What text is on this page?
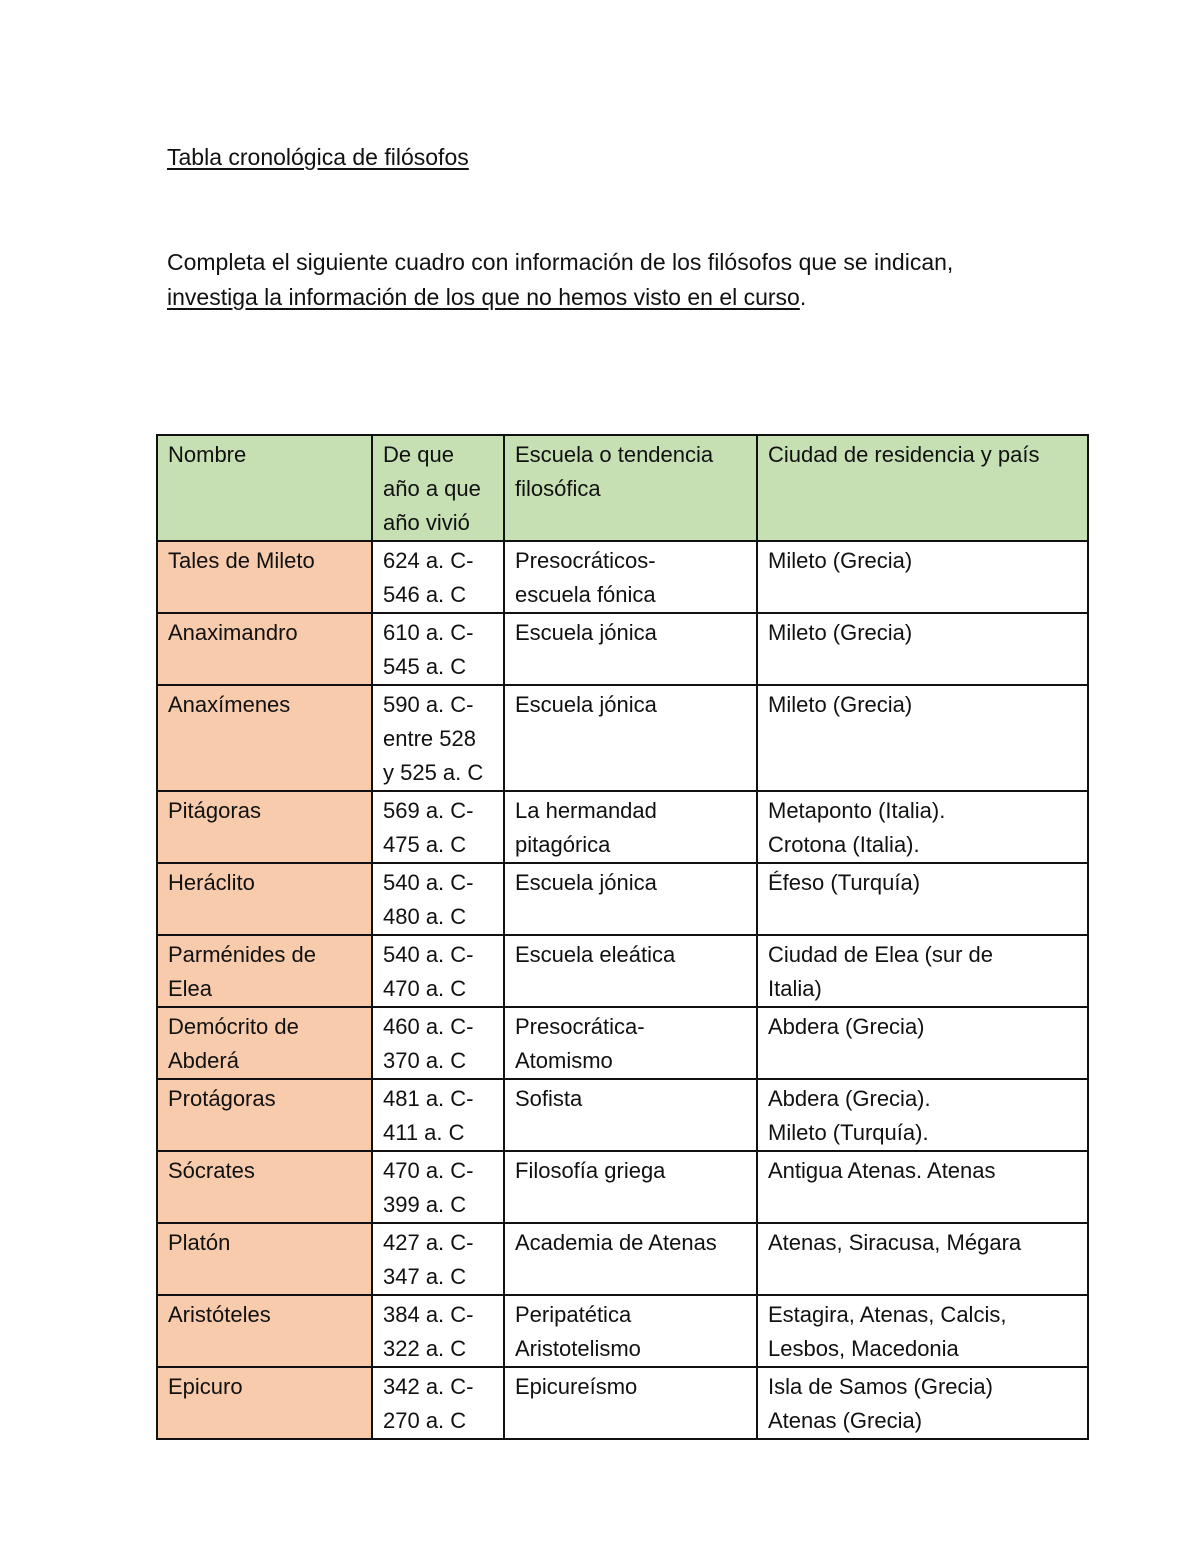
Tabla cronológica de filósofos
Completa el siguiente cuadro con información de los filósofos que se indican,
investiga la información de los que no hemos visto en el curso.
Nombre	De que
año a que
año vivió	Escuela o tendencia
filosófica	Ciudad de residencia y país

Tales de Mileto	624 a. C-
546 a. C	Presocráticos-
escuela fónica	Mileto (Grecia)

Anaximandro	610 a. C-
545 a. C	Escuela jónica	Mileto (Grecia)

Anaxímenes	590 a. C-
entre 528
y 525 a. C	Escuela jónica	Mileto (Grecia)

Pitágoras	569 a. C-
475 a. C	La hermandad
pitagórica	Metaponto (Italia).
Crotona (Italia).

Heráclito	540 a. C-
480 a. C	Escuela jónica	Éfeso (Turquía)

Parménides de
Elea	540 a. C-
470 a. C	Escuela eleática	Ciudad de Elea (sur de
Italia)

Demócrito de
Abderá	460 a. C-
370 a. C	Presocrática-
Atomismo	Abdera (Grecia)

Protágoras	481 a. C-
411 a. C	Sofista	Abdera (Grecia).
Mileto (Turquía).

Sócrates	470 a. C-
399 a. C	Filosofía griega	Antigua Atenas. Atenas

Platón	427 a. C-
347 a. C	Academia de Atenas	Atenas, Siracusa, Mégara

Aristóteles	384 a. C-
322 a. C	Peripatética
Aristotelismo	Estagira, Atenas, Calcis,
Lesbos, Macedonia

Epicuro	342 a. C-
270 a. C	Epicureísmo	Isla de Samos (Grecia)
Atenas (Grecia)
